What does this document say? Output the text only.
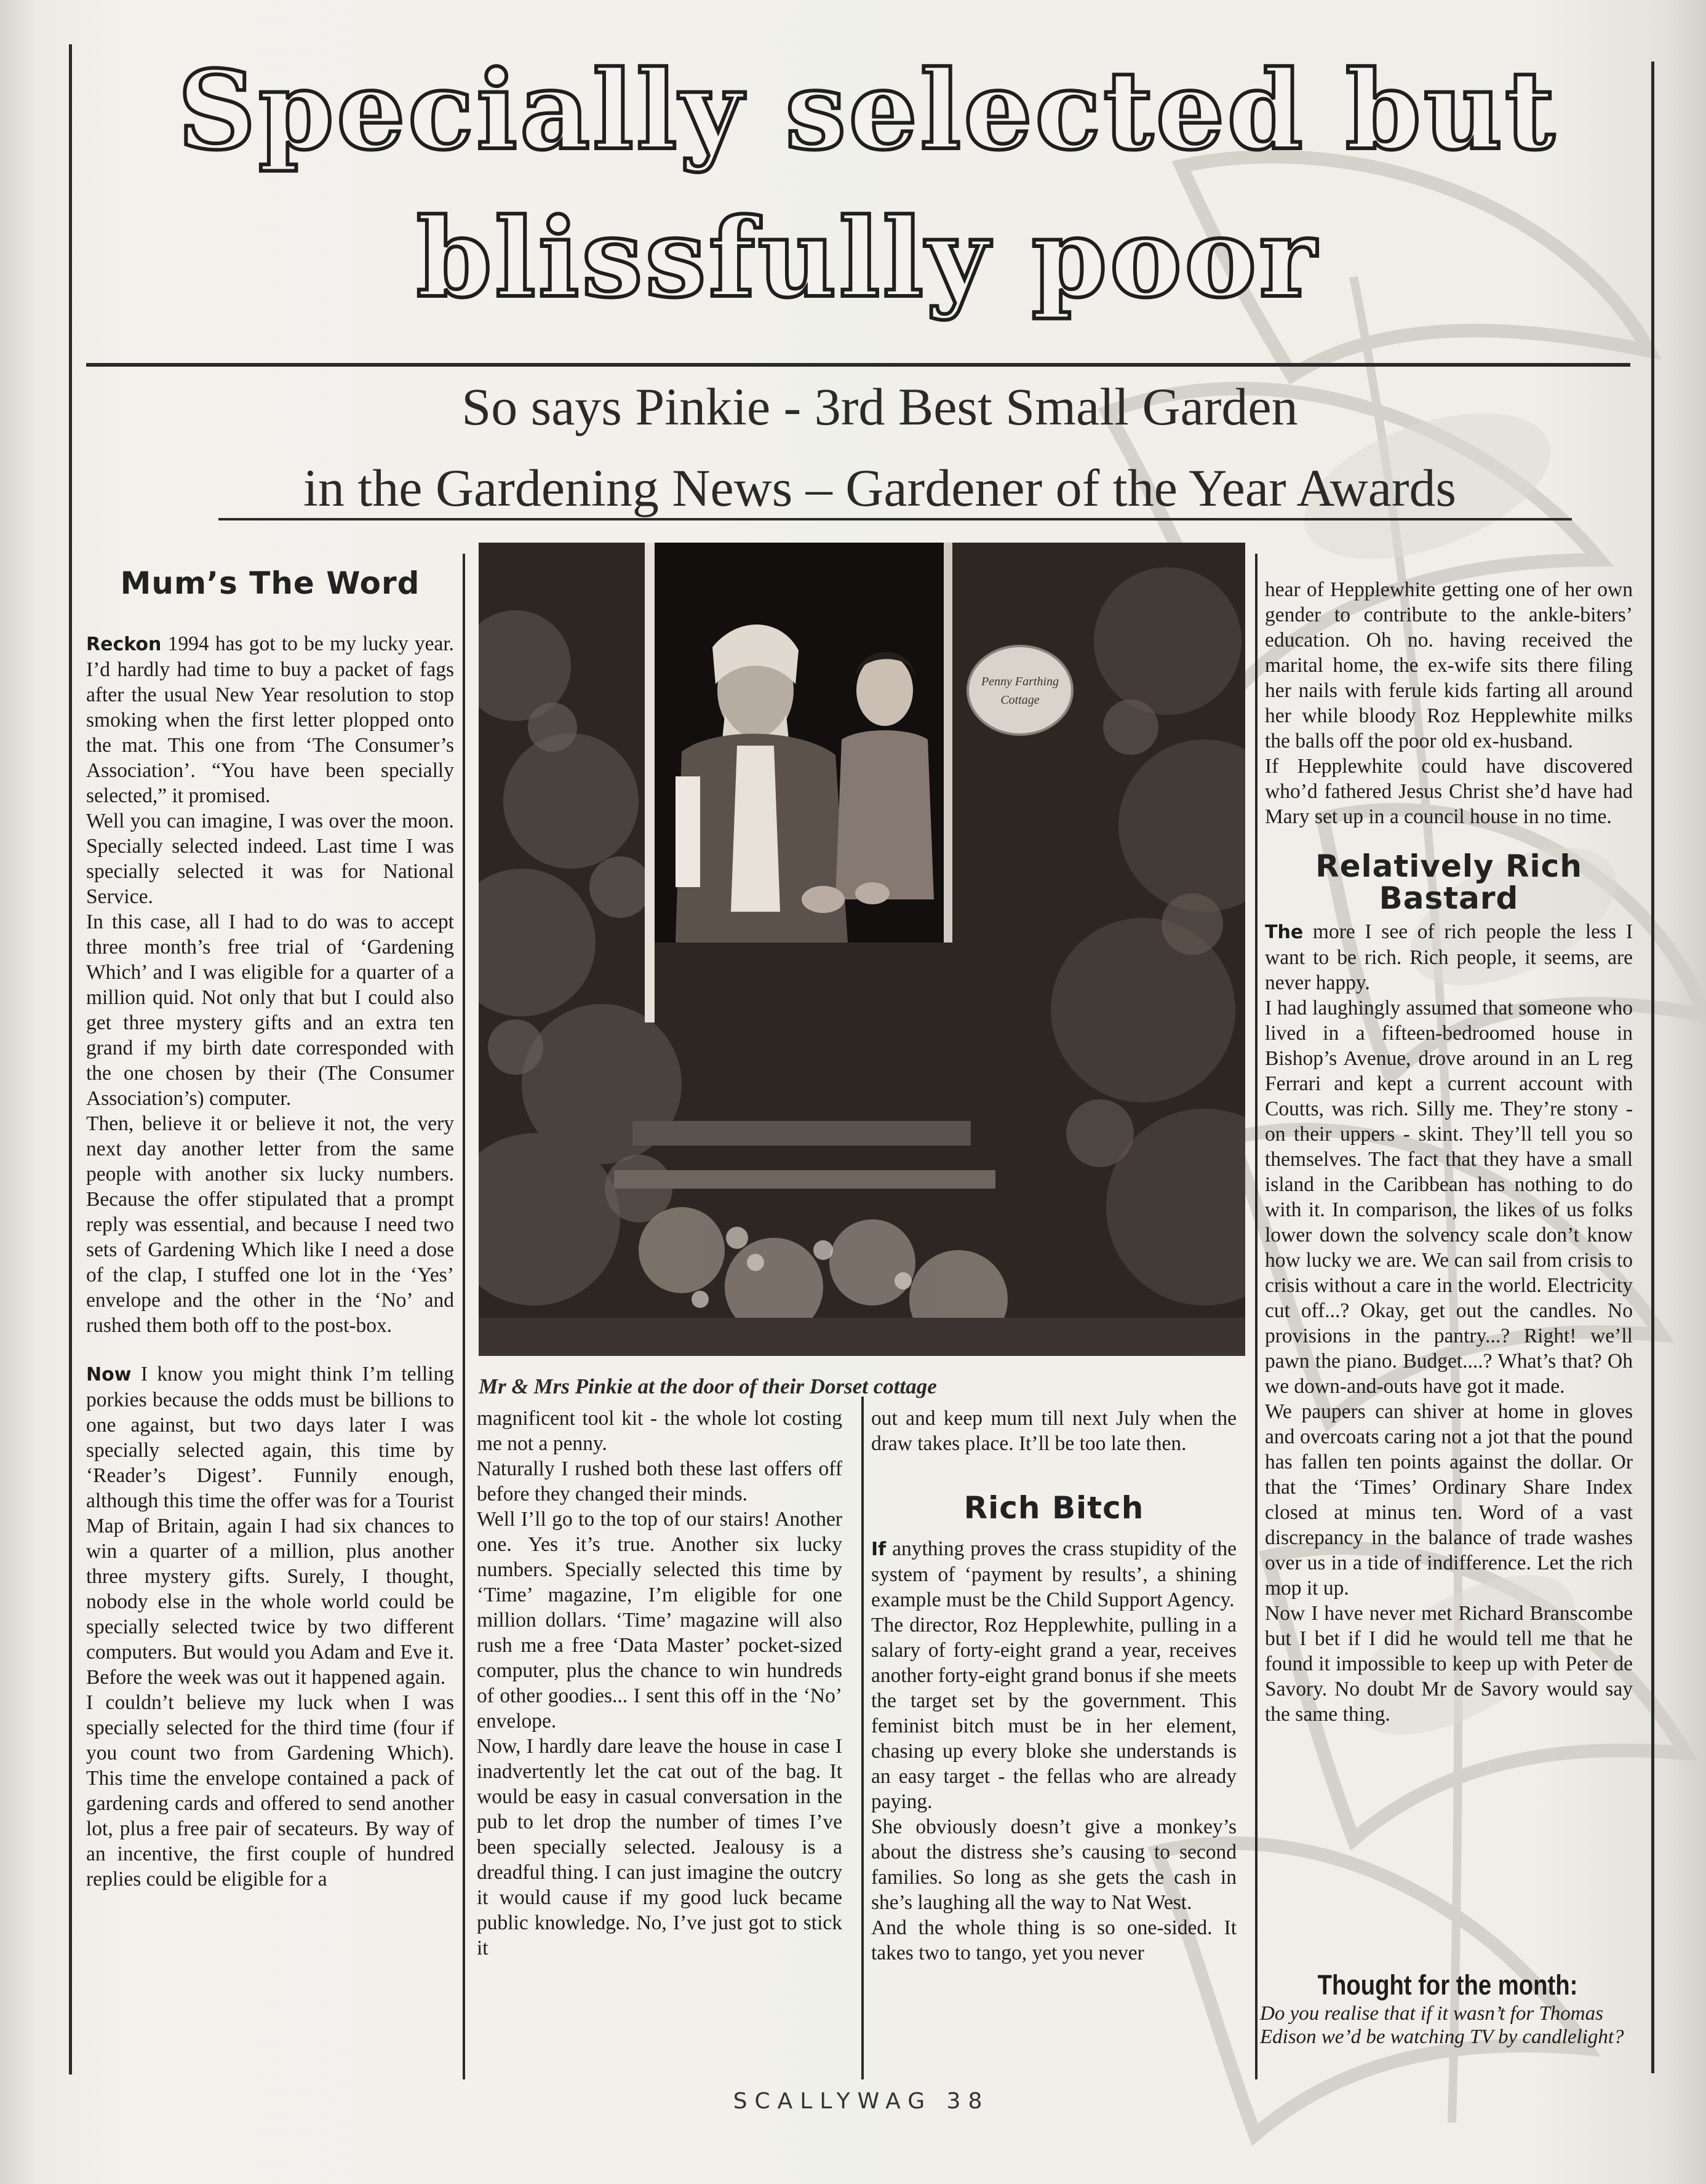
Specially selected but blissfully poor
So says Pinkie - 3rd Best Small Garden
in the Gardening News – Gardener of the Year Awards
Mum’s The Word

Reckon 1994 has got to be my lucky year. I’d hardly had time to buy a packet of fags after the usual New Year resolution to stop smoking when the first letter plopped onto the mat. This one from ‘The Consumer’s Association’. “You have been specially selected,” it promised.

Well you can imagine, I was over the moon. Specially selected indeed. Last time I was specially selected it was for National Service.

In this case, all I had to do was to accept three month’s free trial of ‘Gardening Which’ and I was eligible for a quarter of a million quid. Not only that but I could also get three mystery gifts and an extra ten grand if my birth date corresponded with the one chosen by their (The Consumer Association’s) computer.

Then, believe it or believe it not, the very next day another letter from the same people with another six lucky numbers. Because the offer stipulated that a prompt reply was essential, and because I need two sets of Gardening Which like I need a dose of the clap, I stuffed one lot in the ‘Yes’ envelope and the other in the ‘No’ and rushed them both off to the post-box.

Now I know you might think I’m telling porkies because the odds must be billions to one against, but two days later I was specially selected again, this time by ‘Reader’s Digest’. Funnily enough, although this time the offer was for a Tourist Map of Britain, again I had six chances to win a quarter of a million, plus another three mystery gifts. Surely, I thought, nobody else in the whole world could be specially selected twice by two different computers. But would you Adam and Eve it. Before the week was out it happened again.

I couldn’t believe my luck when I was specially selected for the third time (four if you count two from Gardening Which). This time the envelope contained a pack of gardening cards and offered to send another lot, plus a free pair of secateurs. By way of an incentive, the first couple of hundred replies could be eligible for a

Penny Farthing
Cottage
Mr & Mrs Pinkie at the door of their Dorset cottage

magnificent tool kit - the whole lot costing me not a penny.

Naturally I rushed both these last offers off before they changed their minds.

Well I’ll go to the top of our stairs! Another one. Yes it’s true. Another six lucky numbers. Specially selected this time by ‘Time’ magazine, I’m eligible for one million dollars. ‘Time’ magazine will also rush me a free ‘Data Master’ pocket-sized computer, plus the chance to win hundreds of other goodies... I sent this off in the ‘No’ envelope.

Now, I hardly dare leave the house in case I inadvertently let the cat out of the bag. It would be easy in casual conversation in the pub to let drop the number of times I’ve been specially selected. Jealousy is a dreadful thing. I can just imagine the outcry it would cause if my good luck became public knowledge. No, I’ve just got to stick it

out and keep mum till next July when the draw takes place. It’ll be too late then.

Rich Bitch

If anything proves the crass stupidity of the system of ‘payment by results’, a shining example must be the Child Support Agency.

The director, Roz Hepplewhite, pulling in a salary of forty-eight grand a year, receives another forty-eight grand bonus if she meets the target set by the government. This feminist bitch must be in her element, chasing up every bloke she understands is an easy target - the fellas who are already paying.

She obviously doesn’t give a monkey’s about the distress she’s causing to second families. So long as she gets the cash in she’s laughing all the way to Nat West.

And the whole thing is so one-sided. It takes two to tango, yet you never

hear of Hepplewhite getting one of her own gender to contribute to the ankle-biters’ education. Oh no. having received the marital home, the ex-wife sits there filing her nails with ferule kids farting all around her while bloody Roz Hepplewhite milks the balls off the poor old ex-husband.

If Hepplewhite could have discovered who’d fathered Jesus Christ she’d have had Mary set up in a council house in no time.

Relatively Rich
Bastard

The more I see of rich people the less I want to be rich. Rich people, it seems, are never happy.

I had laughingly assumed that someone who lived in a fifteen-bedroomed house in Bishop’s Avenue, drove around in an L reg Ferrari and kept a current account with Coutts, was rich. Silly me. They’re stony - on their uppers - skint. They’ll tell you so themselves. The fact that they have a small island in the Caribbean has nothing to do with it. In comparison, the likes of us folks lower down the solvency scale don’t know how lucky we are. We can sail from crisis to crisis without a care in the world. Electricity cut off...? Okay, get out the candles. No provisions in the pantry...? Right! we’ll pawn the piano. Budget....? What’s that? Oh we down-and-outs have got it made.

We paupers can shiver at home in gloves and overcoats caring not a jot that the pound has fallen ten points against the dollar. Or that the ‘Times’ Ordinary Share Index closed at minus ten. Word of a vast discrepancy in the balance of trade washes over us in a tide of indifference. Let the rich mop it up.

Now I have never met Richard Branscombe but I bet if I did he would tell me that he found it impossible to keep up with Peter de Savory. No doubt Mr de Savory would say the same thing.

Thought for the month:
Do you realise that if it wasn’t for Thomas Edison we’d be watching TV by candlelight?
SCALLYWAG 38
